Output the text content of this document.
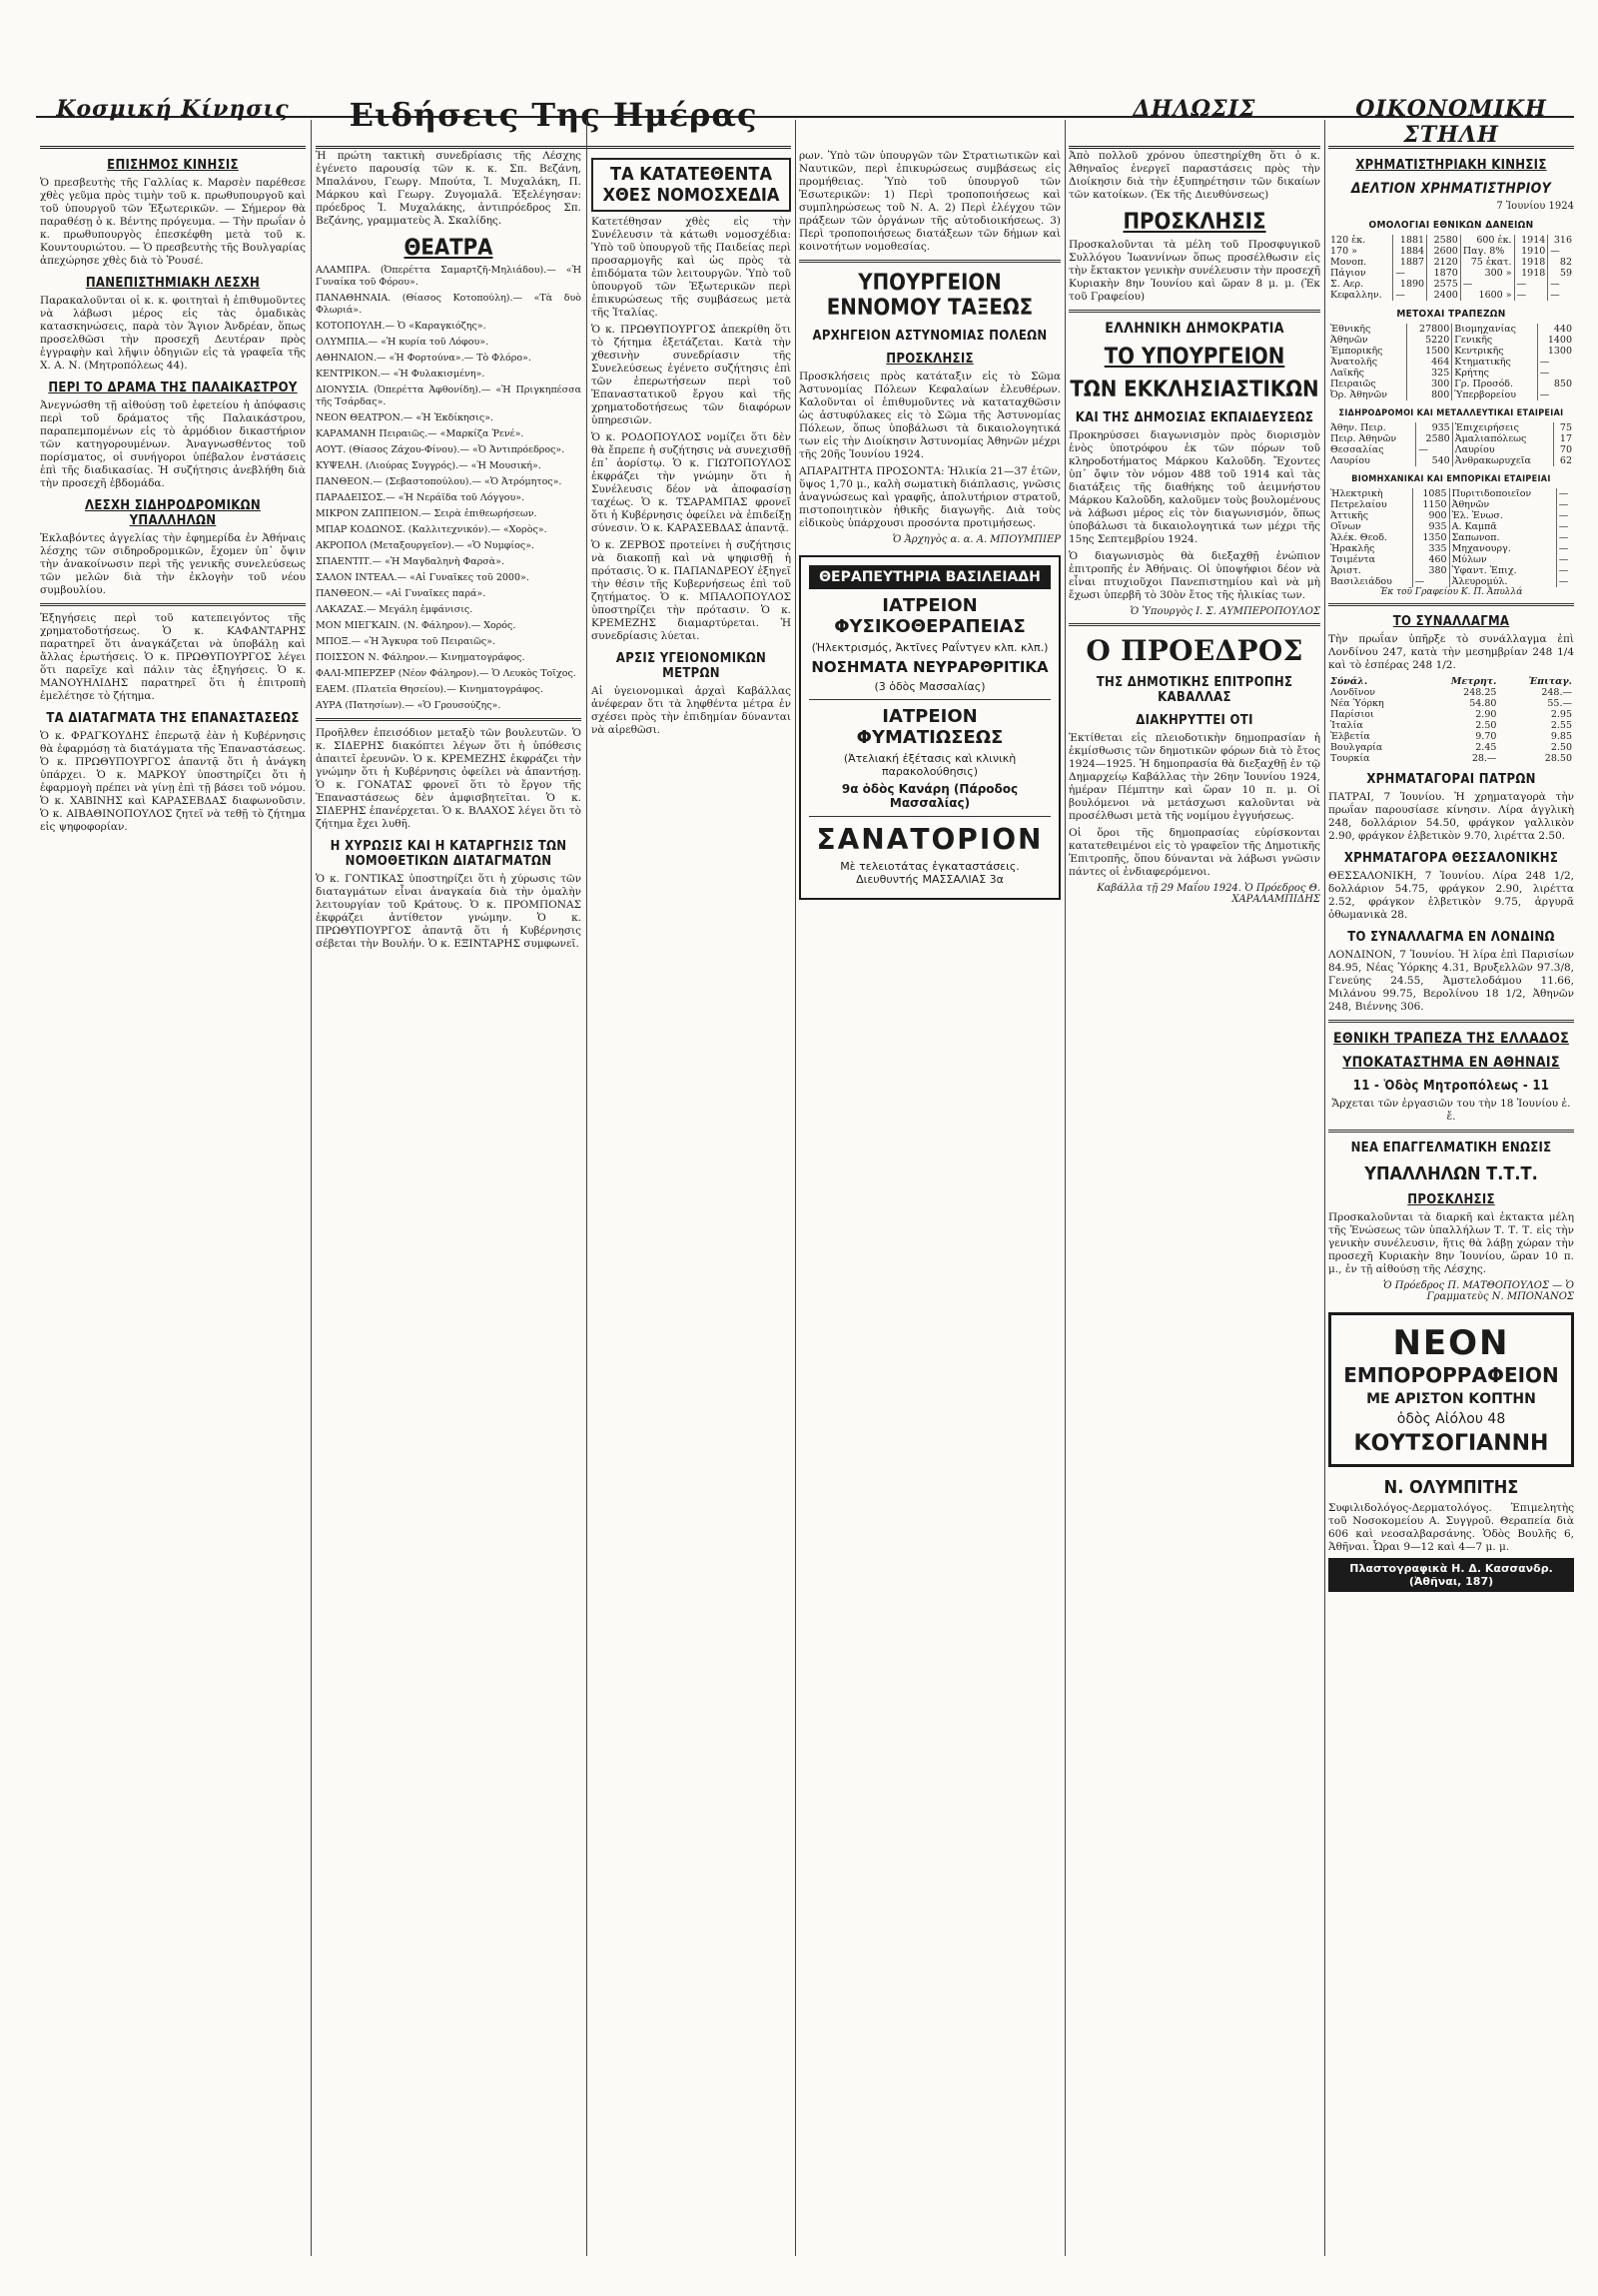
Κοσμική Κίνησις	Ειδήσεις Της Ημέρας	ΔΗΛΩΣΙΣ	ΟΙΚΟΝΟΜΙΚΗ ΣΤΗΛΗ
ΕΠΙΣΗΜΟΣ ΚΙΝΗΣΙΣ

Ὁ πρεσβευτὴς τῆς Γαλλίας κ. Μαρσὲν παρέθεσε χθὲς γεῦμα πρὸς τιμὴν τοῦ κ. πρωθυπουργοῦ καὶ τοῦ ὑπουργοῦ τῶν Ἐξωτερικῶν. — Σήμερον θὰ παραθέσῃ ὁ κ. Βέντης πρόγευμα. — Τὴν πρωΐαν ὁ κ. πρωθυπουργὸς ἐπεσκέφθη μετὰ τοῦ κ. Κουντουριώτου. — Ὁ πρεσβευτὴς τῆς Βουλγαρίας ἀπεχώρησε χθὲς διὰ τὸ Ῥουσέ.

ΠΑΝΕΠΙΣΤΗΜΙΑΚΗ ΛΕΣΧΗ

Παρακαλοῦνται οἱ κ. κ. φοιτηταὶ ἡ ἐπιθυμοῦντες νὰ λάβωσι μέρος εἰς τὰς ὁμαδικὰς κατασκηνώσεις, παρὰ τὸν Ἅγιον Ἀνδρέαν, ὅπως προσελθῶσι τὴν προσεχῆ Δευτέραν πρὸς ἐγγραφὴν καὶ λῆψιν ὁδηγιῶν εἰς τὰ γραφεῖα τῆς Χ. Α. Ν. (Μητροπόλεως 44).

ΠΕΡΙ ΤΟ ΔΡΑΜΑ ΤΗΣ ΠΑΛΑΙΚΑΣΤΡΟΥ

Ἀνεγνώσθη τῇ αἰθούσῃ τοῦ ἐφετείου ἡ ἀπόφασις περὶ τοῦ δράματος τῆς Παλαικάστρου, παραπεμπομένων εἰς τὸ ἁρμόδιον δικαστήριον τῶν κατηγορουμένων. Ἀναγνωσθέντος τοῦ πορίσματος, οἱ συνήγοροι ὑπέβαλον ἐνστάσεις ἐπὶ τῆς διαδικασίας. Ἡ συζήτησις ἀνεβλήθη διὰ τὴν προσεχῆ ἑβδομάδα.

ΛΕΣΧΗ ΣΙΔΗΡΟΔΡΟΜΙΚΩΝ ΥΠΑΛΛΗΛΩΝ

Ἐκλαβόντες ἀγγελίας τὴν ἐφημερίδα ἐν Ἀθήναις λέσχης τῶν σιδηροδρομικῶν, ἔχομεν ὑπ᾽ ὄψιν τὴν ἀνακοίνωσιν περὶ τῆς γενικῆς συνελεύσεως τῶν μελῶν διὰ τὴν ἐκλογὴν τοῦ νέου συμβουλίου.

Ἐξηγήσεις περὶ τοῦ κατεπειγόντος τῆς χρηματοδοτήσεως. Ὁ κ. ΚΑΦΑΝΤΑΡΗΣ παρατηρεῖ ὅτι ἀναγκάζεται νὰ ὑποβάλῃ καὶ ἄλλας ἐρωτήσεις. Ὁ κ. ΠΡΩΘΥΠΟΥΡΓΟΣ λέγει ὅτι παρεῖχε καὶ πάλιν τὰς ἐξηγήσεις. Ὁ κ. ΜΑΝΟΥΗΛΙΔΗΣ παρατηρεῖ ὅτι ἡ ἐπιτροπὴ ἐμελέτησε τὸ ζήτημα.

ΤΑ ΔΙΑΤΑΓΜΑΤΑ ΤΗΣ ΕΠΑΝΑΣΤΑΣΕΩΣ

Ὁ κ. ΦΡΑΓΚΟΥΔΗΣ ἐπερωτᾷ ἐὰν ἡ Κυβέρνησις θὰ ἐφαρμόσῃ τὰ διατάγματα τῆς Ἐπαναστάσεως. Ὁ κ. ΠΡΩΘΥΠΟΥΡΓΟΣ ἀπαντᾷ ὅτι ἡ ἀνάγκη ὑπάρχει. Ὁ κ. ΜΑΡΚΟΥ ὑποστηρίζει ὅτι ἡ ἐφαρμογὴ πρέπει νὰ γίνῃ ἐπὶ τῇ βάσει τοῦ νόμου. Ὁ κ. ΧΑΒΙΝΗΣ καὶ ΚΑΡΑΣΕΒΔΑΣ διαφωνοῦσιν. Ὁ κ. ΑΙΒΑΘΙΝΟΠΟΥΛΟΣ ζητεῖ νὰ τεθῇ τὸ ζήτημα εἰς ψηφοφορίαν.

Ἡ πρώτη τακτικὴ συνεδρίασις τῆς Λέσχης ἐγένετο παρουσίᾳ τῶν κ. κ. Σπ. Βεζάνη, Μπαλάνου, Γεωργ. Μπούτα, Ἰ. Μυχαλάκη, Π. Μάρκου καὶ Γεωργ. Ζυγομαλᾶ. Ἐξελέγησαν: πρόεδρος Ἰ. Μυχαλάκης, ἀντιπρόεδρος Σπ. Βεζάνης, γραμματεὺς Ἀ. Σκαλίδης.

ΘΕΑΤΡΑ

ΑΛΑΜΠΡΑ. (Ὀπερέττα Σαμαρτζῆ-Μηλιάδου).— «Ἡ Γυναίκα τοῦ Φόρου».

ΠΑΝΑΘΗΝΑΙΑ. (Θίασος Κοτοπούλη).— «Τὰ δυὸ Φλωριά».

ΚΟΤΟΠΟΥΛΗ.— Ὁ «Καραγκιόζης».

ΟΛΥΜΠΙΑ.— «Ἡ κυρία τοῦ Λόφου».

ΑΘΗΝΑΙΟΝ.— «Ἡ Φορτούνα».— Τὸ Φλόρο».

ΚΕΝΤΡΙΚΟΝ.— «Ἡ Φυλακισμένη».

ΔΙΟΝΥΣΙΑ. (Ὀπερέττα Ἀφθονίδη).— «Ἡ Πριγκηπέσσα τῆς Τσάρδας».

ΝΕΟΝ ΘΕΑΤΡΟΝ.— «Ἡ Ἐκδίκησις».

ΚΑΡΑΜΑΝΗ Πειραιῶς.— «Μαρκίζα Ῥενέ».

ΑΟΥΤ. (Θίασος Ζάχου-Φίνου).— «Ὁ Ἀντιπρόεδρος».

ΚΥΨΕΛΗ. (Λιούρας Συγγρός).— «Ἡ Μουσική».

ΠΑΝΘΕΟΝ.— (Σεβαστοπούλου).— «Ὁ Ἀτρόμητος».

ΠΑΡΑΔΕΙΣΟΣ.— «Ἡ Νεράϊδα τοῦ Λόγγου».

ΜΙΚΡΟΝ ΖΑΠΠΕΙΟΝ.— Σειρὰ ἐπιθεωρήσεων.

ΜΠΑΡ ΚΟΔΩΝΟΣ. (Καλλιτεχνικόν).— «Χορὸς».

ΑΚΡΟΠΟΛ (Μεταξουργεῖον).— «Ὁ Νυμφίος».

ΣΠΑΕΝΤΙΤ.— «Ἡ Μαγδαληνὴ Φαρσὰ».

ΣΑΛΟΝ ΙΝΤΕΑΛ.— «Αἱ Γυναῖκες τοῦ 2000».

ΠΑΝΘΕΟΝ.— «Αἱ Γυναῖκες παρά».

ΛΑΚΑΖΑΣ.— Μεγάλη ἐμφάνισις.

ΜΟΝ ΜΙΕΓΚΑΙΝ. (Ν. Φάληρον).— Χορός.

ΜΠΟΞ.— «Ἡ Ἄγκυρα τοῦ Πειραιῶς».

ΠΟΙΣΣΟΝ Ν. Φάληρον.— Κινηματογράφος.

ΦΑΛΙ-ΜΠΕΡΖΕΡ (Νέον Φάληρον).— Ὁ Λευκὸς Τοῖχος.

ΕΑΕΜ. (Πλατεῖα Θησείου).— Κινηματογράφος.

ΑΥΡΑ (Πατησίων).— «Ὁ Γρουσούζης».

Προῆλθεν ἐπεισόδιον μεταξὺ τῶν βουλευτῶν. Ὁ κ. ΣΙΔΕΡΗΣ διακόπτει λέγων ὅτι ἡ ὑπόθεσις ἀπαιτεῖ ἐρευνῶν. Ὁ κ. ΚΡΕΜΕΖΗΣ ἐκφράζει τὴν γνώμην ὅτι ἡ Κυβέρνησις ὀφείλει νὰ ἀπαντήσῃ. Ὁ κ. ΓΟΝΑΤΑΣ φρονεῖ ὅτι τὸ ἔργον τῆς Ἐπαναστάσεως δὲν ἀμφισβητεῖται. Ὁ κ. ΣΙΔΕΡΗΣ ἐπανέρχεται. Ὁ κ. ΒΛΑΧΟΣ λέγει ὅτι τὸ ζήτημα ἔχει λυθῆ.

Η ΧΥΡΩΣΙΣ ΚΑΙ Η ΚΑΤΑΡΓΗΣΙΣ ΤΩΝ ΝΟΜΟΘΕΤΙΚΩΝ ΔΙΑΤΑΓΜΑΤΩΝ

Ὁ κ. ΓΟΝΤΙΚΑΣ ὑποστηρίζει ὅτι ἡ χύρωσις τῶν διαταγμάτων εἶναι ἀναγκαία διὰ τὴν ὁμαλὴν λειτουργίαν τοῦ Κράτους. Ὁ κ. ΠΡΟΜΠΟΝΑΣ ἐκφράζει ἀντίθετον γνώμην. Ὁ κ. ΠΡΩΘΥΠΟΥΡΓΟΣ ἀπαντᾷ ὅτι ἡ Κυβέρνησις σέβεται τὴν Βουλήν. Ὁ κ. ΕΞΙΝΤΑΡΗΣ συμφωνεῖ.

ΤΑ ΚΑΤΑΤΕΘΕΝΤΑ ΧΘΕΣ ΝΟΜΟΣΧΕΔΙΑ

Κατετέθησαν χθὲς εἰς τὴν Συνέλευσιν τὰ κάτωθι νομοσχέδια: Ὑπὸ τοῦ ὑπουργοῦ τῆς Παιδείας περὶ προσαρμογῆς καὶ ὡς πρὸς τὰ ἐπιδόματα τῶν λειτουργῶν. Ὑπὸ τοῦ ὑπουργοῦ τῶν Ἐξωτερικῶν περὶ ἐπικυρώσεως τῆς συμβάσεως μετὰ τῆς Ἰταλίας.

Ὁ κ. ΠΡΩΘΥΠΟΥΡΓΟΣ ἀπεκρίθη ὅτι τὸ ζήτημα ἐξετάζεται. Κατὰ τὴν χθεσινὴν συνεδρίασιν τῆς Συνελεύσεως ἐγένετο συζήτησις ἐπὶ τῶν ἐπερωτήσεων περὶ τοῦ Ἐπαναστατικοῦ ἔργου καὶ τῆς χρηματοδοτήσεως τῶν διαφόρων ὑπηρεσιῶν.

Ὁ κ. ΡΟΔΟΠΟΥΛΟΣ νομίζει ὅτι δὲν θὰ ἔπρεπε ἡ συζήτησις νὰ συνεχισθῇ ἐπ᾽ ἀορίστῳ. Ὁ κ. ΓΙΩΤΟΠΟΥΛΟΣ ἐκφράζει τὴν γνώμην ὅτι ἡ Συνέλευσις δέον νὰ ἀποφασίσῃ ταχέως. Ὁ κ. ΤΣΑΡΑΜΠΑΣ φρονεῖ ὅτι ἡ Κυβέρνησις ὀφείλει νὰ ἐπιδείξῃ σύνεσιν. Ὁ κ. ΚΑΡΑΣΕΒΔΑΣ ἀπαντᾷ.

Ὁ κ. ΖΕΡΒΟΣ προτείνει ἡ συζήτησις νὰ διακοπῇ καὶ νὰ ψηφισθῇ ἡ πρότασις. Ὁ κ. ΠΑΠΑΝΔΡΕΟΥ ἐξηγεῖ τὴν θέσιν τῆς Κυβερνήσεως ἐπὶ τοῦ ζητήματος. Ὁ κ. ΜΠΑΛΟΠΟΥΛΟΣ ὑποστηρίζει τὴν πρότασιν. Ὁ κ. ΚΡΕΜΕΖΗΣ διαμαρτύρεται. Ἡ συνεδρίασις λύεται.

ΑΡΣΙΣ ΥΓΕΙΟΝΟΜΙΚΩΝ ΜΕΤΡΩΝ

Αἱ ὑγειονομικαὶ ἀρχαὶ Καβάλλας ἀνέφεραν ὅτι τὰ ληφθέντα μέτρα ἐν σχέσει πρὸς τὴν ἐπιδημίαν δύνανται νὰ αἰρεθῶσι.

ρων. Ὑπὸ τῶν ὑπουργῶν τῶν Στρατιωτικῶν καὶ Ναυτικῶν, περὶ ἐπικυρώσεως συμβάσεως εἰς προμήθειας. Ὑπὸ τοῦ ὑπουργοῦ τῶν Ἐσωτερικῶν: 1) Περὶ τροποποιήσεως καὶ συμπληρώσεως τοῦ Ν. Α. 2) Περὶ ἐλέγχου τῶν πράξεων τῶν ὀργάνων τῆς αὐτοδιοικήσεως. 3) Περὶ τροποποιήσεως διατάξεων τῶν δήμων καὶ κοινοτήτων νομοθεσίας.

ΥΠΟΥΡΓΕΙΟΝ ΕΝΝΟΜΟΥ ΤΑΞΕΩΣ
ΑΡΧΗΓΕΙΟΝ ΑΣΤΥΝΟΜΙΑΣ ΠΟΛΕΩΝ
ΠΡΟΣΚΛΗΣΙΣ

Προσκλήσεις πρὸς κατάταξιν εἰς τὸ Σῶμα Ἀστυνομίας Πόλεων Κεφαλαίων ἐλευθέρων. Καλοῦνται οἱ ἐπιθυμοῦντες νὰ καταταχθῶσιν ὡς ἀστυφύλακες εἰς τὸ Σῶμα τῆς Ἀστυνομίας Πόλεων, ὅπως ὑποβάλωσι τὰ δικαιολογητικά των εἰς τὴν Διοίκησιν Ἀστυνομίας Ἀθηνῶν μέχρι τῆς 20ῆς Ἰουνίου 1924.

ΑΠΑΡΑΙΤΗΤΑ ΠΡΟΣΟΝΤΑ: Ἡλικία 21—37 ἐτῶν, ὕψος 1,70 μ., καλὴ σωματικὴ διάπλασις, γνῶσις ἀναγνώσεως καὶ γραφῆς, ἀπολυτήριον στρατοῦ, πιστοποιητικὸν ἠθικῆς διαγωγῆς. Διὰ τοὺς εἰδικοὺς ὑπάρχουσι προσόντα προτιμήσεως.

Ὁ Ἀρχηγὸς α. α. Α. ΜΠΟΥΜΠΙΕΡ
ΘΕΡΑΠΕΥΤΗΡΙΑ ΒΑΣΙΛΕΙΑΔΗ
ΙΑΤΡΕΙΟΝ ΦΥΣΙΚΟΘΕΡΑΠΕΙΑΣ
(Ἠλεκτρισμός, Ἀκτῖνες Ραΐντγεν κλπ. κλπ.)
ΝΟΣΗΜΑΤΑ ΝΕΥΡΑΡΘΡΙΤΙΚΑ
(3 ὁδὸς Μασσαλίας)
ΙΑΤΡΕΙΟΝ ΦΥΜΑΤΙΩΣΕΩΣ
(Ἀτελιακή ἐξέτασις καὶ κλινικὴ παρακολούθησις)
9α ὁδὸς Κανάρη (Πάροδος Μασσαλίας)
ΣΑΝΑΤΟΡΙΟΝ
Μὲ τελειοτάτας ἐγκαταστάσεις. Διευθυντής ΜΑΣΣΑΛΙΑΣ 3α

Ἀπὸ πολλοῦ χρόνου ὑπεστηρίχθη ὅτι ὁ κ. Ἀθηναῖος ἐνεργεῖ παραστάσεις πρὸς τὴν Διοίκησιν διὰ τὴν ἐξυπηρέτησιν τῶν δικαίων τῶν κατοίκων. (Ἐκ τῆς Διευθύνσεως)

ΠΡΟΣΚΛΗΣΙΣ

Προσκαλοῦνται τὰ μέλη τοῦ Προσφυγικοῦ Συλλόγου Ἰωαννίνων ὅπως προσέλθωσιν εἰς τὴν ἔκτακτον γενικὴν συνέλευσιν τὴν προσεχῆ Κυριακὴν 8ην Ἰουνίου καὶ ὥραν 8 μ. μ. (Ἐκ τοῦ Γραφείου)

ΕΛΛΗΝΙΚΗ ΔΗΜΟΚΡΑΤΙΑ
ΤΟ ΥΠΟΥΡΓΕΙΟΝ
ΤΩΝ ΕΚΚΛΗΣΙΑΣΤΙΚΩΝ
ΚΑΙ ΤΗΣ ΔΗΜΟΣΙΑΣ ΕΚΠΑΙΔΕΥΣΕΩΣ

Προκηρύσσει διαγωνισμὸν πρὸς διορισμὸν ἑνὸς ὑποτρόφου ἐκ τῶν πόρων τοῦ κληροδοτήματος Μάρκου Καλοῦδη. Ἔχοντες ὑπ᾽ ὄψιν τὸν νόμον 488 τοῦ 1914 καὶ τὰς διατάξεις τῆς διαθήκης τοῦ ἀειμνήστου Μάρκου Καλοῦδη, καλοῦμεν τοὺς βουλομένους νὰ λάβωσι μέρος εἰς τὸν διαγωνισμόν, ὅπως ὑποβάλωσι τὰ δικαιολογητικά των μέχρι τῆς 15ης Σεπτεμβρίου 1924.

Ὁ διαγωνισμὸς θὰ διεξαχθῇ ἐνώπιον ἐπιτροπῆς ἐν Ἀθήναις. Οἱ ὑποψήφιοι δέον νὰ εἶναι πτυχιοῦχοι Πανεπιστημίου καὶ νὰ μὴ ἔχωσι ὑπερβῆ τὸ 30ὸν ἔτος τῆς ἡλικίας των.

Ὁ Ὑπουργὸς Ι. Σ. ΑΥΜΠΕΡΟΠΟΥΛΟΣ
Ο ΠΡΟΕΔΡΟΣ
ΤΗΣ ΔΗΜΟΤΙΚΗΣ ΕΠΙΤΡΟΠΗΣ ΚΑΒΑΛΛΑΣ
ΔΙΑΚΗΡΥΤΤΕΙ ΟΤΙ

Ἐκτίθεται εἰς πλειοδοτικὴν δημοπρασίαν ἡ ἐκμίσθωσις τῶν δημοτικῶν φόρων διὰ τὸ ἔτος 1924—1925. Ἡ δημοπρασία θὰ διεξαχθῇ ἐν τῷ Δημαρχείῳ Καβάλλας τὴν 26ην Ἰουνίου 1924, ἡμέραν Πέμπτην καὶ ὥραν 10 π. μ. Οἱ βουλόμενοι νὰ μετάσχωσι καλοῦνται νὰ προσέλθωσι μετὰ τῆς νομίμου ἐγγυήσεως.

Οἱ ὅροι τῆς δημοπρασίας εὑρίσκονται κατατεθειμένοι εἰς τὸ γραφεῖον τῆς Δημοτικῆς Ἐπιτροπῆς, ὅπου δύνανται νὰ λάβωσι γνῶσιν πάντες οἱ ἐνδιαφερόμενοι.

Καβάλλα τῇ 29 Μαΐου 1924. Ὁ Πρόεδρος Θ. ΧΑΡΑΛΑΜΠΙΔΗΣ
ΧΡΗΜΑΤΙΣΤΗΡΙΑΚΗ ΚΙΝΗΣΙΣ
ΔΕΛΤΙΟΝ ΧΡΗΜΑΤΙΣΤΗΡΙΟΥ
7 Ἰουνίου 1924
ΟΜΟΛΟΓΙΑΙ ΕΘΝΙΚΩΝ ΔΑΝΕΙΩΝ
120 ἐκ.	1881	2580	600 ἐκ.	1914	316
170 »	1884	2600	Παγ. 8%	1910	—
Μονοπ.	1887	2120	75 ἐκατ.	1918	82
Πάγιον	—	1870	300 »	1918	59
Σ. Αερ.	1890	2575	—	—	—
Κεφαλλην.	—	2400	1600 »	—	—
ΜΕΤΟΧΑΙ ΤΡΑΠΕΖΩΝ
Ἐθνικῆς	27800	Βιομηχανίας	440
Ἀθηνῶν	5220	Γενικῆς	1400
Ἐμπορικῆς	1500	Κεντρικῆς	1300
Ἀνατολῆς	464	Κτηματικῆς	—
Λαϊκῆς	325	Κρήτης	—
Πειραιῶς	300	Γρ. Προσόδ.	850
Ὀρ. Ἀθηνῶν	800	Ὑπερβορείου	—
ΣΙΔΗΡΟΔΡΟΜΟΙ ΚΑΙ ΜΕΤΑΛΛΕΥΤΙΚΑΙ ΕΤΑΙΡΕΙΑΙ
Ἀθην. Πειρ.	935	Ἐπιχειρήσεις	75
Πειρ. Ἀθηνῶν	2580	Ἀμαλιαπόλεως	17
Θεσσαλίας	—	Λαυρίου	70
Λαυρίου	540	Ἀνθρακωρυχεῖα	62
ΒΙΟΜΗΧΑΝΙΚΑΙ ΚΑΙ ΕΜΠΟΡΙΚΑΙ ΕΤΑΙΡΕΙΑΙ
Ἠλεκτρικὴ	1085	Πυριτιδοποιεῖον	—
Πετρελαίου	1150	Ἀθηνῶν	—
Ἀττικῆς	900	Ἐλ. Ἐνωσ.	—
Οἴνων	935	Α. Καμπᾶ	—
Ἀλέκ. Θεοδ.	1350	Σαπωνοπ.	—
Ἡρακλῆς	335	Μηχανουργ.	—
Τσιμέντα	460	Μύλων	—
Ἀριστ.	380	Ὑφαντ. Ἐπιχ.	—
Βασιλειάδου	—	Ἀλευρομύλ.	—
Ἐκ τοῦ Γραφείου Κ. Π. Ἀπυλλά
ΤΟ ΣΥΝΑΛΛΑΓΜΑ

Τὴν πρωΐαν ὑπῆρξε τὸ συνάλλαγμα ἐπὶ Λονδίνου 247, κατὰ τὴν μεσημβρίαν 248 1/4 καὶ τὸ ἑσπέρας 248 1/2.

Σύνάλ.	Μετρητ.	Ἐπιταγ.
Λονδῖνον	248.25	248.—
Νέα Ὑόρκη	54.80	55.—
Παρίσιοι	2.90	2.95
Ἰταλία	2.50	2.55
Ἑλβετία	9.70	9.85
Βουλγαρία	2.45	2.50
Τουρκία	28.—	28.50
ΧΡΗΜΑΤΑΓΟΡΑΙ ΠΑΤΡΩΝ

ΠΑΤΡΑΙ, 7 Ἰουνίου. Ἡ χρηματαγορὰ τὴν πρωΐαν παρουσίασε κίνησιν. Λίρα ἀγγλικὴ 248, δολλάριον 54.50, φράγκον γαλλικὸν 2.90, φράγκον ἑλβετικὸν 9.70, λιρέττα 2.50.

ΧΡΗΜΑΤΑΓΟΡΑ ΘΕΣΣΑΛΟΝΙΚΗΣ

ΘΕΣΣΑΛΟΝΙΚΗ, 7 Ἰουνίου. Λίρα 248 1/2, δολλάριον 54.75, φράγκον 2.90, λιρέττα 2.52, φράγκον ἑλβετικὸν 9.75, ἀργυρᾶ ὀθωμανικὰ 28.

ΤΟ ΣΥΝΑΛΛΑΓΜΑ ΕΝ ΛΟΝΔΙΝΩ

ΛΟΝΔΙΝΟΝ, 7 Ἰουνίου. Ἡ λίρα ἐπὶ Παρισίων 84.95, Νέας Ὑόρκης 4.31, Βρυξελλῶν 97.3/8, Γενεύης 24.55, Ἀμστελοδάμου 11.66, Μιλάνου 99.75, Βερολίνου 18 1/2, Ἀθηνῶν 248, Βιέννης 306.

ΕΘΝΙΚΗ ΤΡΑΠΕΖΑ ΤΗΣ ΕΛΛΑΔΟΣ
ΥΠΟΚΑΤΑΣΤΗΜΑ ΕΝ ΑΘΗΝΑΙΣ
11 - Ὁδὸς Μητροπόλεως - 11
Ἄρχεται τῶν ἐργασιῶν του τὴν 18 Ἰουνίου ἐ. ἔ.
ΝΕΑ ΕΠΑΓΓΕΛΜΑΤΙΚΗ ΕΝΩΣΙΣ
ΥΠΑΛΛΗΛΩΝ Τ.Τ.Τ.
ΠΡΟΣΚΛΗΣΙΣ

Προσκαλοῦνται τὰ διαρκῆ καὶ ἐκτακτα μέλη τῆς Ἑνώσεως τῶν ὑπαλλήλων Τ. Τ. Τ. εἰς τὴν γενικὴν συνέλευσιν, ἥτις θὰ λάβῃ χώραν τὴν προσεχῆ Κυριακὴν 8ην Ἰουνίου, ὥραν 10 π. μ., ἐν τῇ αἰθούσῃ τῆς Λέσχης.

Ὁ Πρόεδρος Π. ΜΑΤΘΟΠΟΥΛΟΣ — Ὁ Γραμματεὺς Ν. ΜΠΟΝΑΝΟΣ
ΝΕΟΝ
ΕΜΠΟΡΟΡΡΑΦΕΙΟΝ
ΜΕ ΑΡΙΣΤΟΝ ΚΟΠΤΗΝ
ὁδὸς Αἰόλου 48
ΚΟΥΤΣΟΓΙΑΝΝΗ
Ν. ΟΛΥΜΠΙΤΗΣ

Συφιλιδολόγος-Δερματολόγος. Ἐπιμελητὴς τοῦ Νοσοκομείου Α. Συγγροῦ. Θεραπεία διὰ 606 καὶ νεοσαλβαρσάνης. Ὁδὸς Βουλῆς 6, Ἀθῆναι. Ὧραι 9—12 καὶ 4—7 μ. μ.

Πλαστογραφικὰ Η. Δ. Κασσανδρ. (Ἀθῆναι, 187)
